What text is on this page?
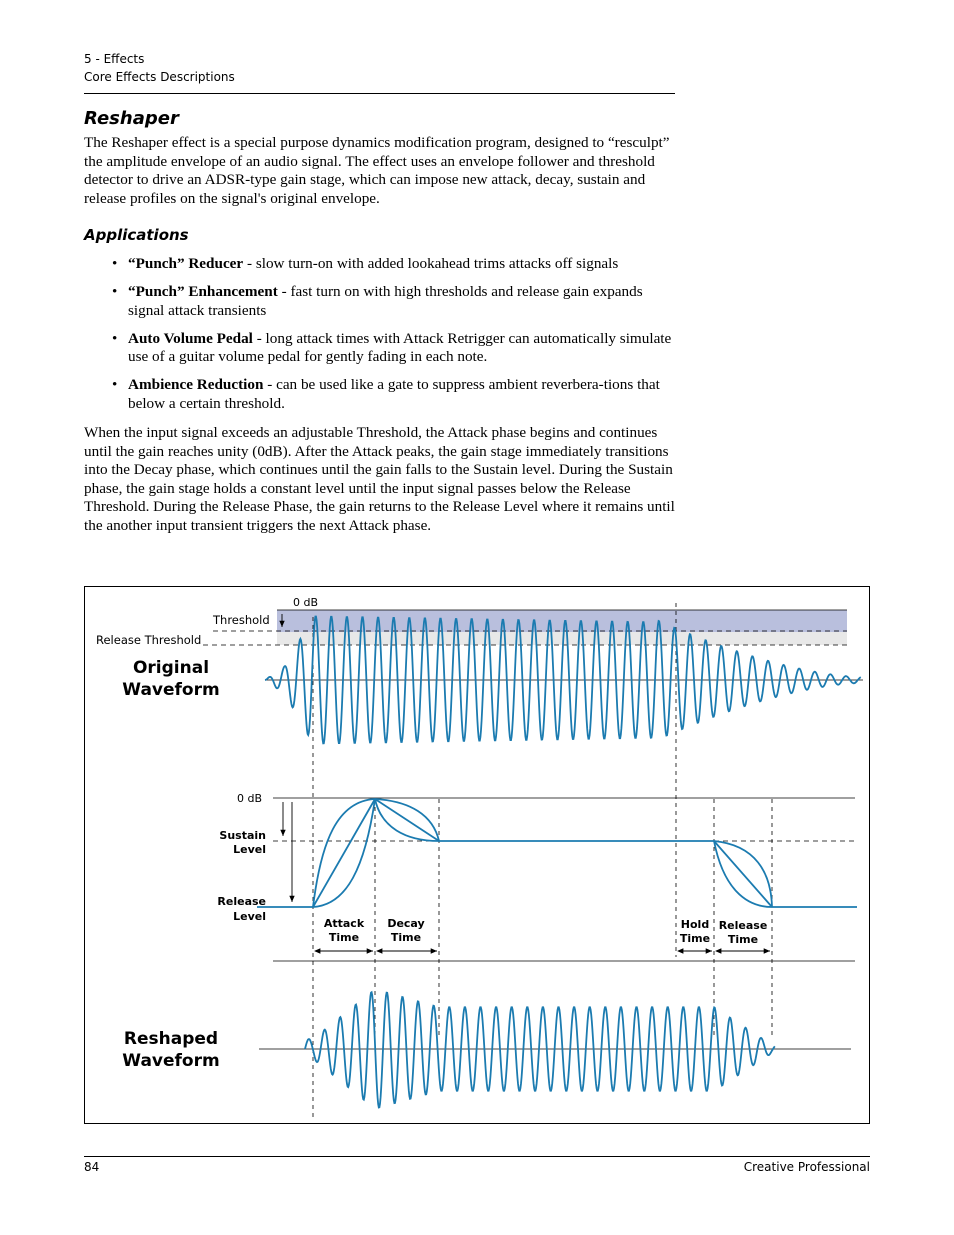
5 - Effects
Core Effects Descriptions
Reshaper

The Reshaper effect is a special purpose dynamics modification program, designed to “resculpt” the amplitude envelope of an audio signal. The effect uses an envelope follower and threshold detector to drive an ADSR-type gain stage, which can impose new attack, decay, sustain and release profiles on the signal's original envelope.

Applications
• “Punch” Reducer - slow turn-on with added lookahead trims attacks off signals
• “Punch” Enhancement - fast turn on with high thresholds and release gain expands signal attack transients
• Auto Volume Pedal - long attack times with Attack Retrigger can automatically simulate use of a guitar volume pedal for gently fading in each note.
• Ambience Reduction - can be used like a gate to suppress ambient reverbera-tions that below a certain threshold.

When the input signal exceeds an adjustable Threshold, the Attack phase begins and continues until the gain reaches unity (0dB). After the Attack peaks, the gain stage immediately transitions into the Decay phase, which continues until the gain falls to the Sustain level. During the Sustain phase, the gain stage holds a constant level until the input signal passes below the Release Threshold. During the Release Phase, the gain returns to the Release Level where it remains until the another input transient triggers the next Attack phase.

0 dB
Threshold
Release Threshold
Original
Waveform
0 dB
Sustain
Level
Release
Level
Attack
Time
Decay
Time
Hold
Time
Release
Time
Reshaped
Waveform
84	Creative Professional
